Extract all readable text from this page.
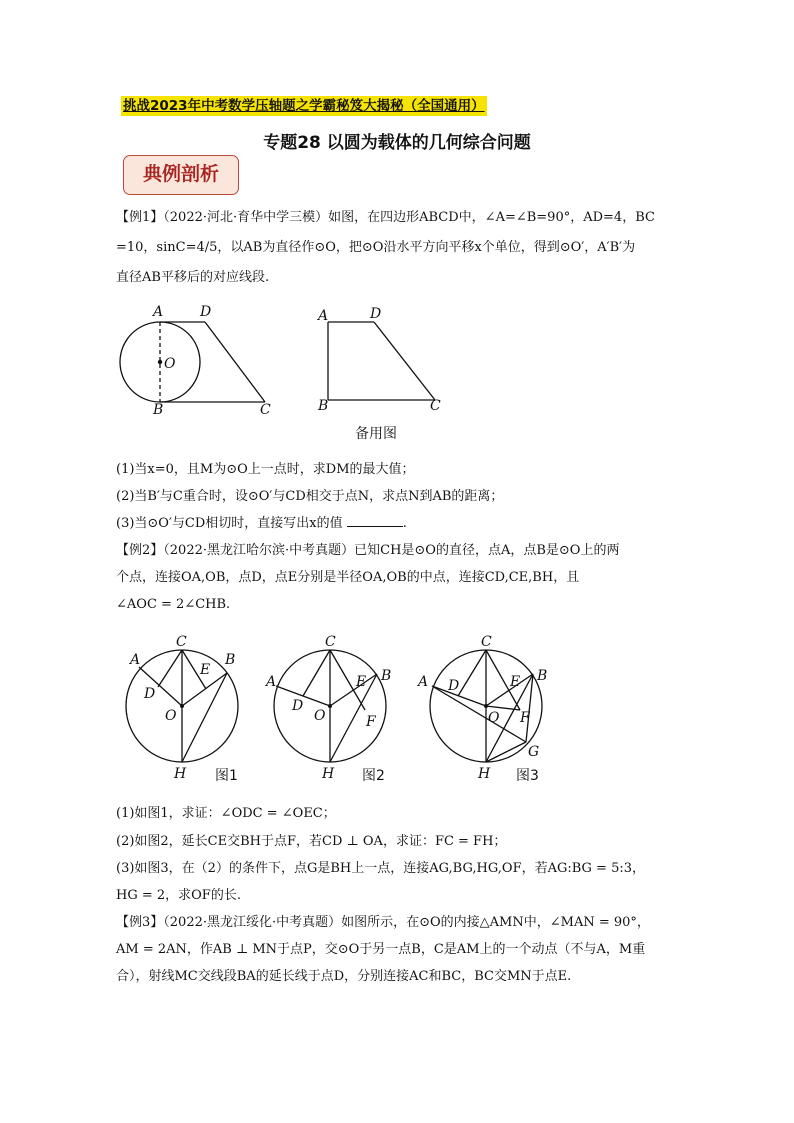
挑战2023年中考数学压轴题之学霸秘笈大揭秘（全国通用）
专题28 以圆为载体的几何综合问题
典例剖析
【例1】（2022·河北·育华中学三模）如图，在四边形ABCD中，∠A=∠B=90°，AD=4，BC
=10，sinC=4/5，以AB为直径作⊙O，把⊙O沿水平方向平移x个单位，得到⊙O′，A′B′为
直径AB平移后的对应线段.
A	D
O
B	C
A	D
B	C
备用图
(1)当x=0，且M为⊙O上一点时，求DM的最大值；
(2)当B′与C重合时，设⊙O′与CD相交于点N，求点N到AB的距离；
(3)当⊙O′与CD相切时，直接写出x的值	.
【例2】（2022·黑龙江哈尔滨·中考真题）已知CH是⊙O的直径，点A，点B是⊙O上的两
个点，连接OA,OB，点D，点E分别是半径OA,OB的中点，连接CD,CE,BH，且
∠AOC = 2∠CHB.
C
A
D
E
B
O
H 图1
C
A
D
E B
F
O
H 图2
C
A D	E B
F
G
O
H 图3
(1)如图1，求证：∠ODC = ∠OEC；
(2)如图2，延长CE交BH于点F，若CD ⊥ OA，求证：FC = FH；
(3)如图3，在（2）的条件下，点G是BH上一点，连接AG,BG,HG,OF，若AG:BG = 5:3，
HG = 2，求OF的长.
【例3】（2022·黑龙江绥化·中考真题）如图所示，在⊙O的内接△AMN中，∠MAN = 90°，
AM = 2AN，作AB ⊥ MN于点P，交⊙O于另一点B，C是AM上的一个动点（不与A，M重
合），射线MC交线段BA的延长线于点D，分别连接AC和BC，BC交MN于点E.
